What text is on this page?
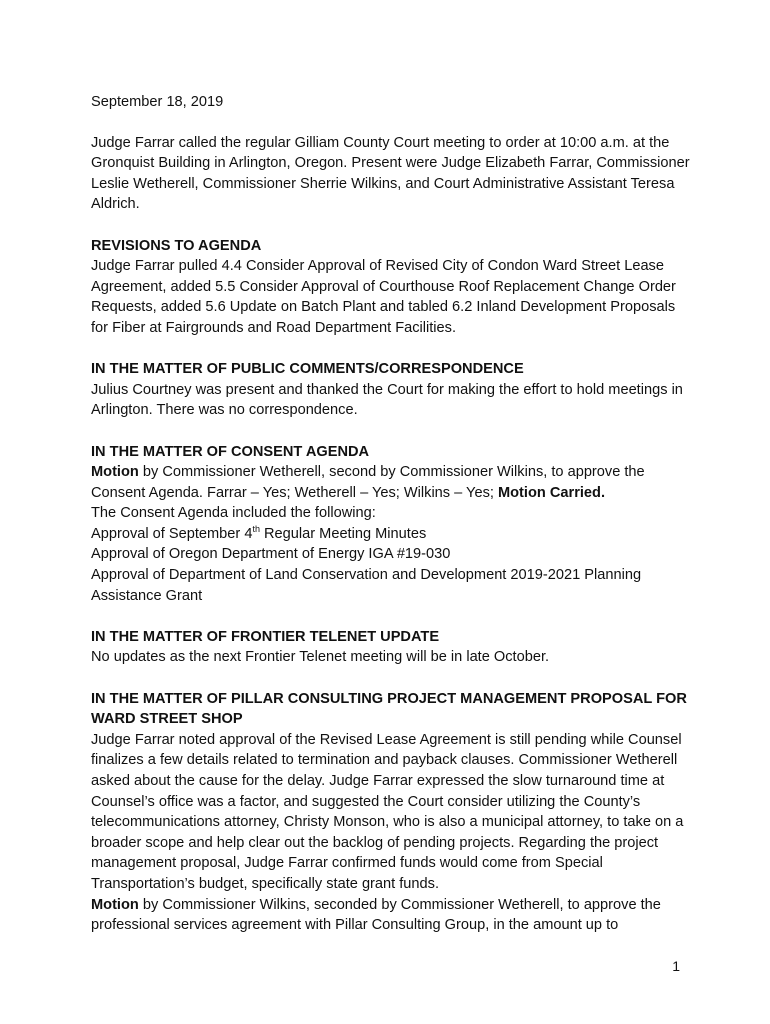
September 18, 2019

Judge Farrar called the regular Gilliam County Court meeting to order at 10:00 a.m. at the Gronquist Building in Arlington, Oregon. Present were Judge Elizabeth Farrar, Commissioner Leslie Wetherell, Commissioner Sherrie Wilkins, and Court Administrative Assistant Teresa Aldrich.

REVISIONS TO AGENDA

Judge Farrar pulled 4.4 Consider Approval of Revised City of Condon Ward Street Lease Agreement, added 5.5 Consider Approval of Courthouse Roof Replacement Change Order Requests, added 5.6 Update on Batch Plant and tabled 6.2 Inland Development Proposals for Fiber at Fairgrounds and Road Department Facilities.

IN THE MATTER OF PUBLIC COMMENTS/CORRESPONDENCE

Julius Courtney was present and thanked the Court for making the effort to hold meetings in Arlington. There was no correspondence.

IN THE MATTER OF CONSENT AGENDA

Motion by Commissioner Wetherell, second by Commissioner Wilkins, to approve the Consent Agenda. Farrar – Yes; Wetherell – Yes; Wilkins – Yes; Motion Carried.

The Consent Agenda included the following:

Approval of September 4th Regular Meeting Minutes

Approval of Oregon Department of Energy IGA #19-030

Approval of Department of Land Conservation and Development 2019-2021 Planning Assistance Grant

IN THE MATTER OF FRONTIER TELENET UPDATE

No updates as the next Frontier Telenet meeting will be in late October.

IN THE MATTER OF PILLAR CONSULTING PROJECT MANAGEMENT PROPOSAL FOR WARD STREET SHOP

Judge Farrar noted approval of the Revised Lease Agreement is still pending while Counsel finalizes a few details related to termination and payback clauses. Commissioner Wetherell asked about the cause for the delay. Judge Farrar expressed the slow turnaround time at Counsel’s office was a factor, and suggested the Court consider utilizing the County’s telecommunications attorney, Christy Monson, who is also a municipal attorney, to take on a broader scope and help clear out the backlog of pending projects. Regarding the project management proposal, Judge Farrar confirmed funds would come from Special Transportation’s budget, specifically state grant funds.

Motion by Commissioner Wilkins, seconded by Commissioner Wetherell, to approve the professional services agreement with Pillar Consulting Group, in the amount up to

1
